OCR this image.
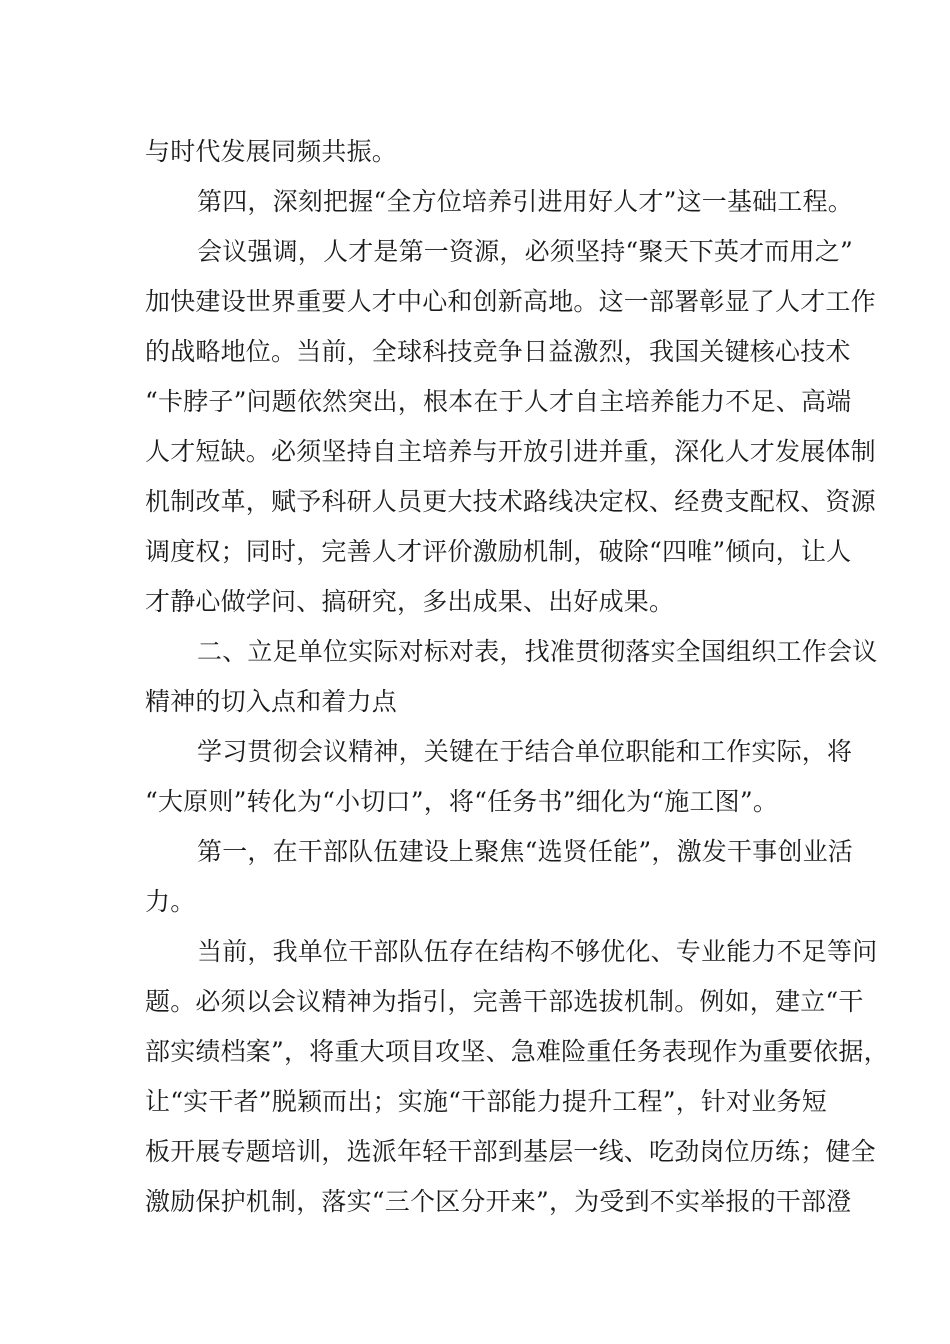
与时代发展同频共振。
第四，深刻把握“全方位培养引进用好人才”这一基础工程。
会议强调，人才是第一资源，必须坚持“聚天下英才而用之”
加快建设世界重要人才中心和创新高地。这一部署彰显了人才工作
的战略地位。当前，全球科技竞争日益激烈，我国关键核心技术
“卡脖子”问题依然突出，根本在于人才自主培养能力不足、高端
人才短缺。必须坚持自主培养与开放引进并重，深化人才发展体制
机制改革，赋予科研人员更大技术路线决定权、经费支配权、资源
调度权；同时，完善人才评价激励机制，破除“四唯”倾向，让人
才静心做学问、搞研究，多出成果、出好成果。
二、立足单位实际对标对表，找准贯彻落实全国组织工作会议
精神的切入点和着力点
学习贯彻会议精神，关键在于结合单位职能和工作实际，将
“大原则”转化为“小切口”，将“任务书”细化为“施工图”。
第一，在干部队伍建设上聚焦“选贤任能”，激发干事创业活
力。
当前，我单位干部队伍存在结构不够优化、专业能力不足等问
题。必须以会议精神为指引，完善干部选拔机制。例如，建立“干
部实绩档案”，将重大项目攻坚、急难险重任务表现作为重要依据，
让“实干者”脱颖而出；实施“干部能力提升工程”，针对业务短
板开展专题培训，选派年轻干部到基层一线、吃劲岗位历练；健全
激励保护机制，落实“三个区分开来”，为受到不实举报的干部澄
